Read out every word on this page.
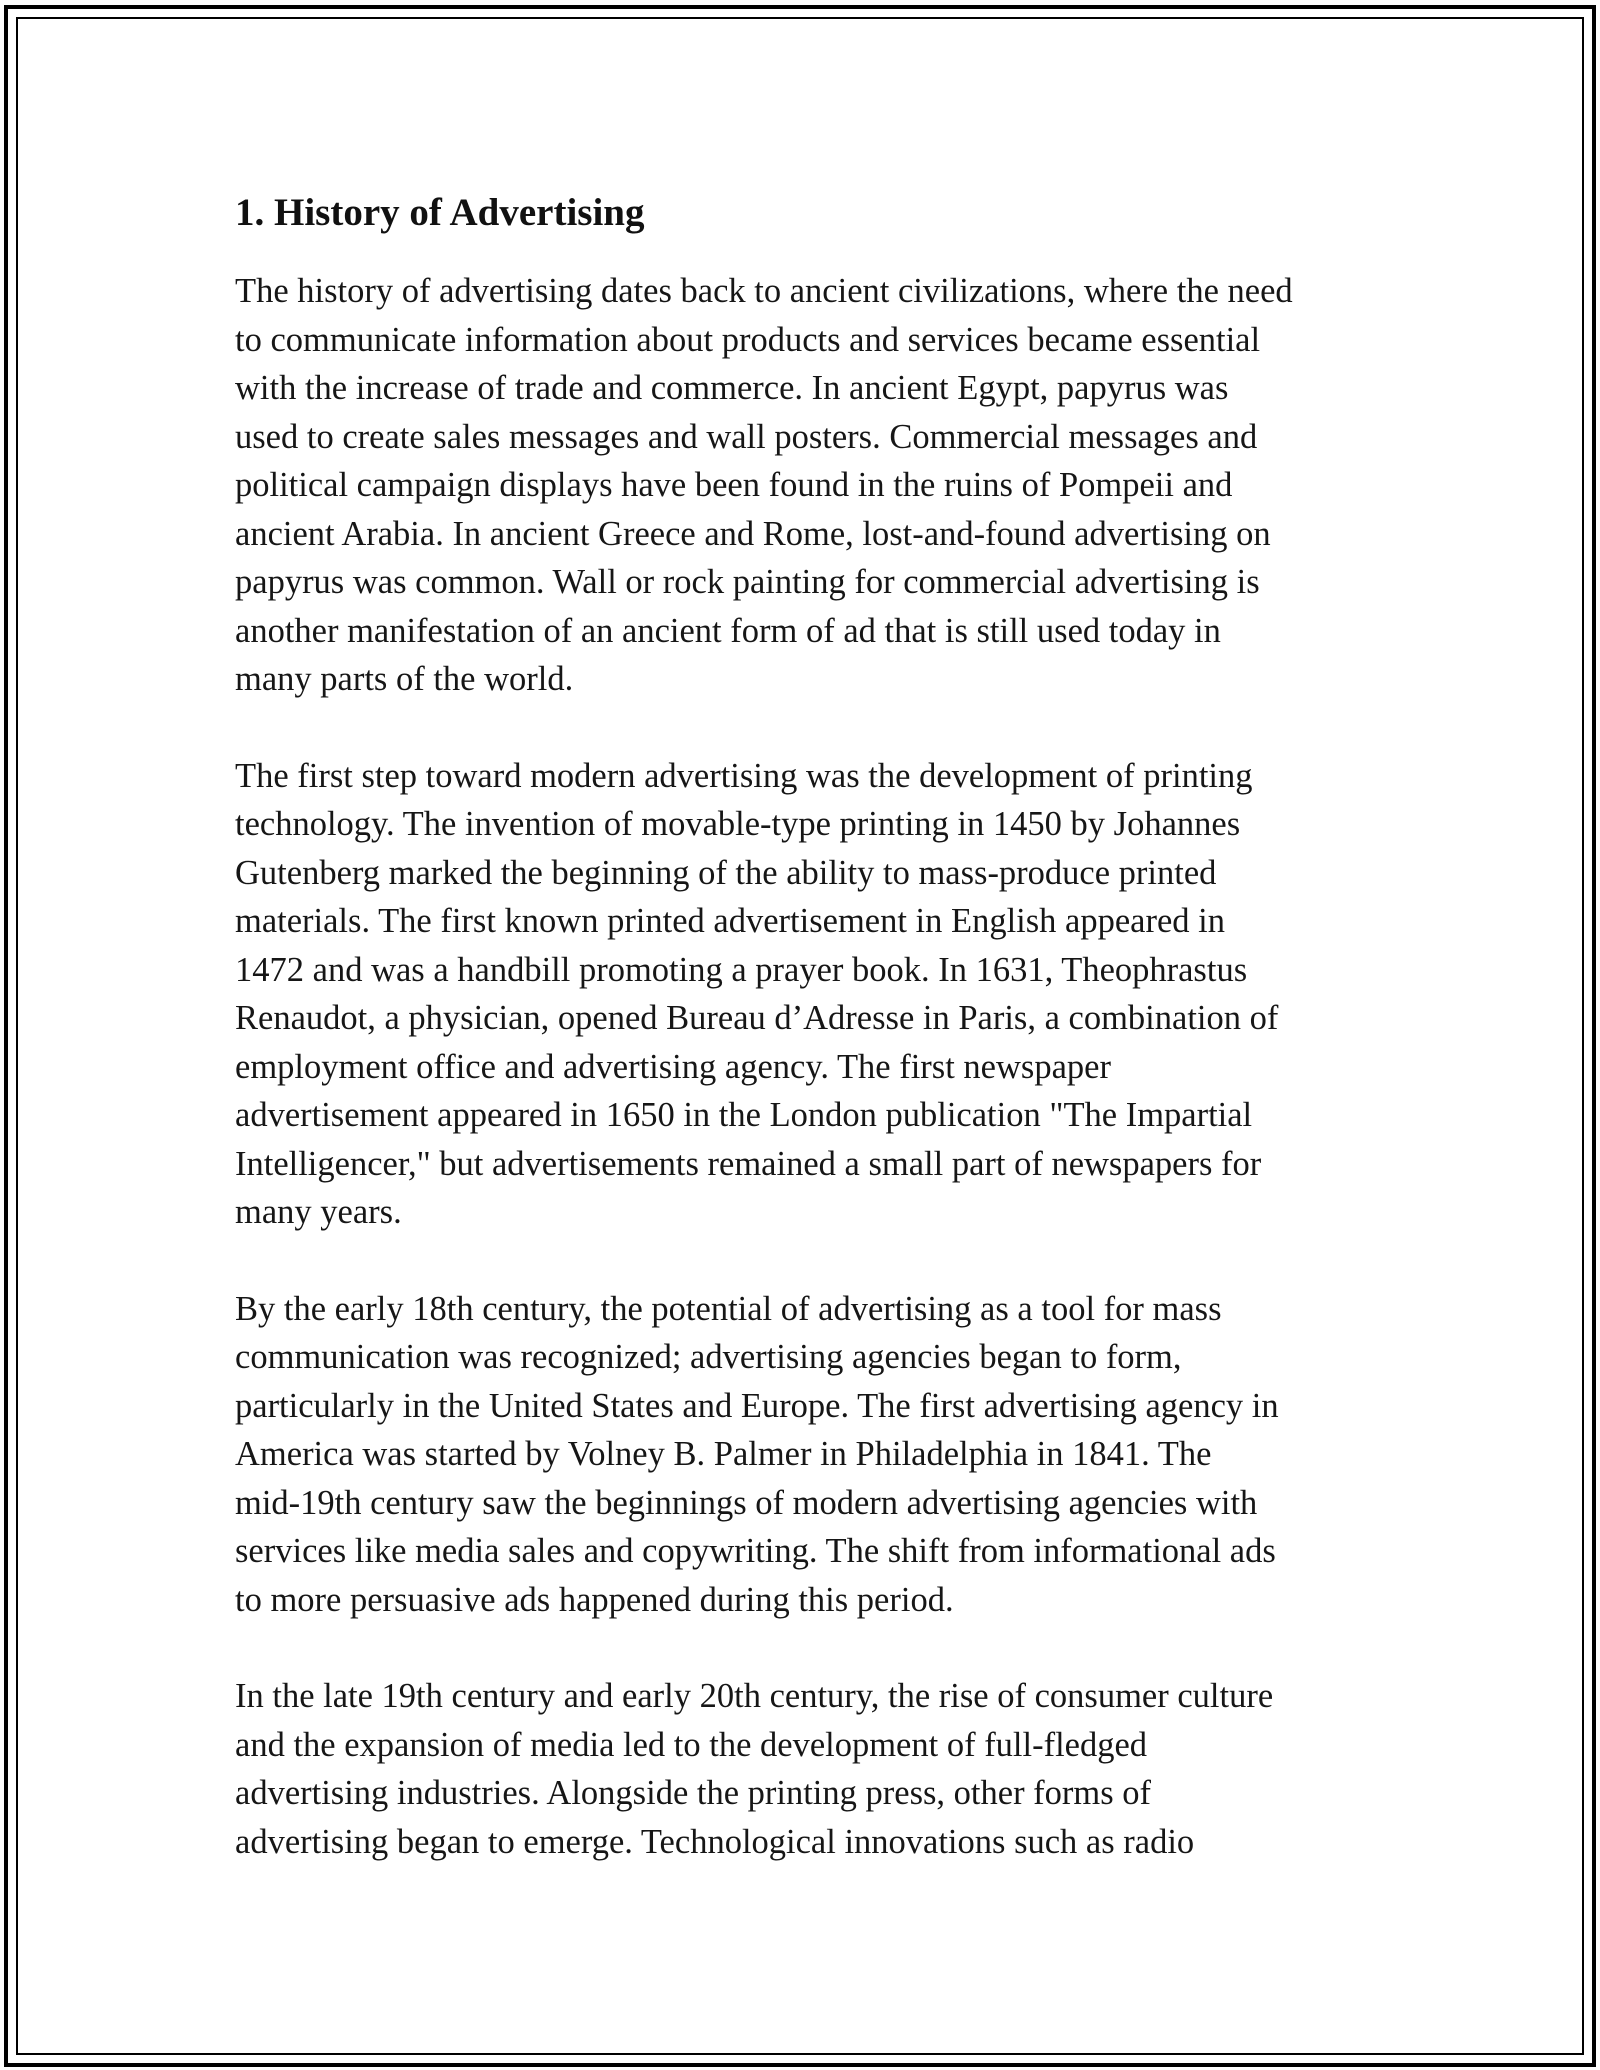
1. History of Advertising

The history of advertising dates back to ancient civilizations, where the need
to communicate information about products and services became essential
with the increase of trade and commerce. In ancient Egypt, papyrus was
used to create sales messages and wall posters. Commercial messages and
political campaign displays have been found in the ruins of Pompeii and
ancient Arabia. In ancient Greece and Rome, lost-and-found advertising on
papyrus was common. Wall or rock painting for commercial advertising is
another manifestation of an ancient form of ad that is still used today in
many parts of the world.

The first step toward modern advertising was the development of printing
technology. The invention of movable-type printing in 1450 by Johannes
Gutenberg marked the beginning of the ability to mass-produce printed
materials. The first known printed advertisement in English appeared in
1472 and was a handbill promoting a prayer book. In 1631, Theophrastus
Renaudot, a physician, opened Bureau d’Adresse in Paris, a combination of
employment office and advertising agency. The first newspaper
advertisement appeared in 1650 in the London publication "The Impartial
Intelligencer," but advertisements remained a small part of newspapers for
many years.

By the early 18th century, the potential of advertising as a tool for mass
communication was recognized; advertising agencies began to form,
particularly in the United States and Europe. The first advertising agency in
America was started by Volney B. Palmer in Philadelphia in 1841. The
mid-19th century saw the beginnings of modern advertising agencies with
services like media sales and copywriting. The shift from informational ads
to more persuasive ads happened during this period.

In the late 19th century and early 20th century, the rise of consumer culture
and the expansion of media led to the development of full-fledged
advertising industries. Alongside the printing press, other forms of
advertising began to emerge. Technological innovations such as radio
